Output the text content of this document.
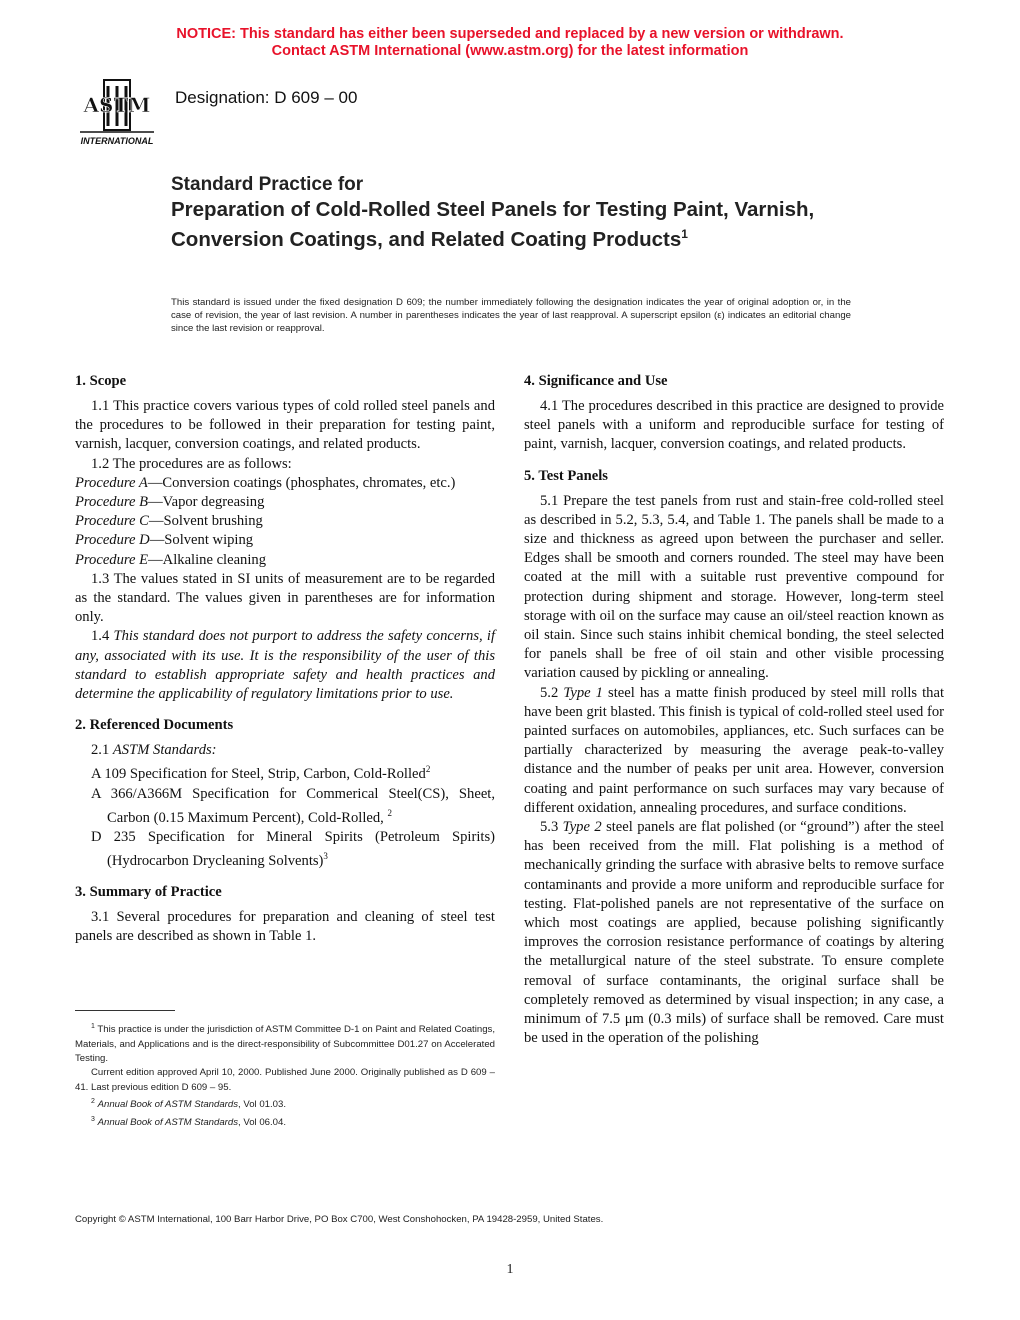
NOTICE: This standard has either been superseded and replaced by a new version or withdrawn.
Contact ASTM International (www.astm.org) for the latest information
ASTM
INTERNATIONAL
Designation: D 609 – 00
Standard Practice for
Preparation of Cold-Rolled Steel Panels for Testing Paint, Varnish, Conversion Coatings, and Related Coating Products$^1$
This standard is issued under the fixed designation D 609; the number immediately following the designation indicates the year of original adoption or, in the case of revision, the year of last revision. A number in parentheses indicates the year of last reapproval. A superscript epsilon (ε) indicates an editorial change since the last revision or reapproval.
1. Scope

1.1 This practice covers various types of cold rolled steel panels and the procedures to be followed in their preparation for testing paint, varnish, lacquer, conversion coatings, and related products.

1.2 The procedures are as follows:

Procedure A—Conversion coatings (phosphates, chromates, etc.)

Procedure B—Vapor degreasing

Procedure C—Solvent brushing

Procedure D—Solvent wiping

Procedure E—Alkaline cleaning

1.3 The values stated in SI units of measurement are to be regarded as the standard. The values given in parentheses are for information only.

1.4 This standard does not purport to address the safety concerns, if any, associated with its use. It is the responsibility of the user of this standard to establish appropriate safety and health practices and determine the applicability of regulatory limitations prior to use.

2. Referenced Documents

2.1 ASTM Standards:

A 109 Specification for Steel, Strip, Carbon, Cold-Rolled$^2$

A 366/A366M Specification for Commerical Steel(CS), Sheet, Carbon (0.15 Maximum Percent), Cold-Rolled, $^2$

D 235 Specification for Mineral Spirits (Petroleum Spirits) (Hydrocarbon Drycleaning Solvents)$^3$

3. Summary of Practice

3.1 Several procedures for preparation and cleaning of steel test panels are described as shown in Table 1.

$^1$ This practice is under the jurisdiction of ASTM Committee D-1 on Paint and Related Coatings, Materials, and Applications and is the direct-responsibility of Subcommittee D01.27 on Accelerated Testing.

Current edition approved April 10, 2000. Published June 2000. Originally published as D 609 – 41. Last previous edition D 609 – 95.

$^2$ Annual Book of ASTM Standards, Vol 01.03.

$^3$ Annual Book of ASTM Standards, Vol 06.04.

4. Significance and Use

4.1 The procedures described in this practice are designed to provide steel panels with a uniform and reproducible surface for testing of paint, varnish, lacquer, conversion coatings, and related products.

5. Test Panels

5.1 Prepare the test panels from rust and stain-free cold-rolled steel as described in 5.2, 5.3, 5.4, and Table 1. The panels shall be made to a size and thickness as agreed upon between the purchaser and seller. Edges shall be smooth and corners rounded. The steel may have been coated at the mill with a suitable rust preventive compound for protection during shipment and storage. However, long-term steel storage with oil on the surface may cause an oil/steel reaction known as oil stain. Since such stains inhibit chemical bonding, the steel selected for panels shall be free of oil stain and other visible processing variation caused by pickling or annealing.

5.2 Type 1 steel has a matte finish produced by steel mill rolls that have been grit blasted. This finish is typical of cold-rolled steel used for painted surfaces on automobiles, appliances, etc. Such surfaces can be partially characterized by measuring the average peak-to-valley distance and the number of peaks per unit area. However, conversion coating and paint performance on such surfaces may vary because of different oxidation, annealing procedures, and surface conditions.

5.3 Type 2 steel panels are flat polished (or “ground”) after the steel has been received from the mill. Flat polishing is a method of mechanically grinding the surface with abrasive belts to remove surface contaminants and provide a more uniform and reproducible surface for testing. Flat-polished panels are not representative of the surface on which most coatings are applied, because polishing significantly improves the corrosion resistance performance of coatings by altering the metallurgical nature of the steel substrate. To ensure complete removal of surface contaminants, the original surface shall be completely removed as determined by visual inspection; in any case, a minimum of 7.5 μm (0.3 mils) of surface shall be removed. Care must be used in the operation of the polishing

Copyright © ASTM International, 100 Barr Harbor Drive, PO Box C700, West Conshohocken, PA 19428-2959, United States.
1
